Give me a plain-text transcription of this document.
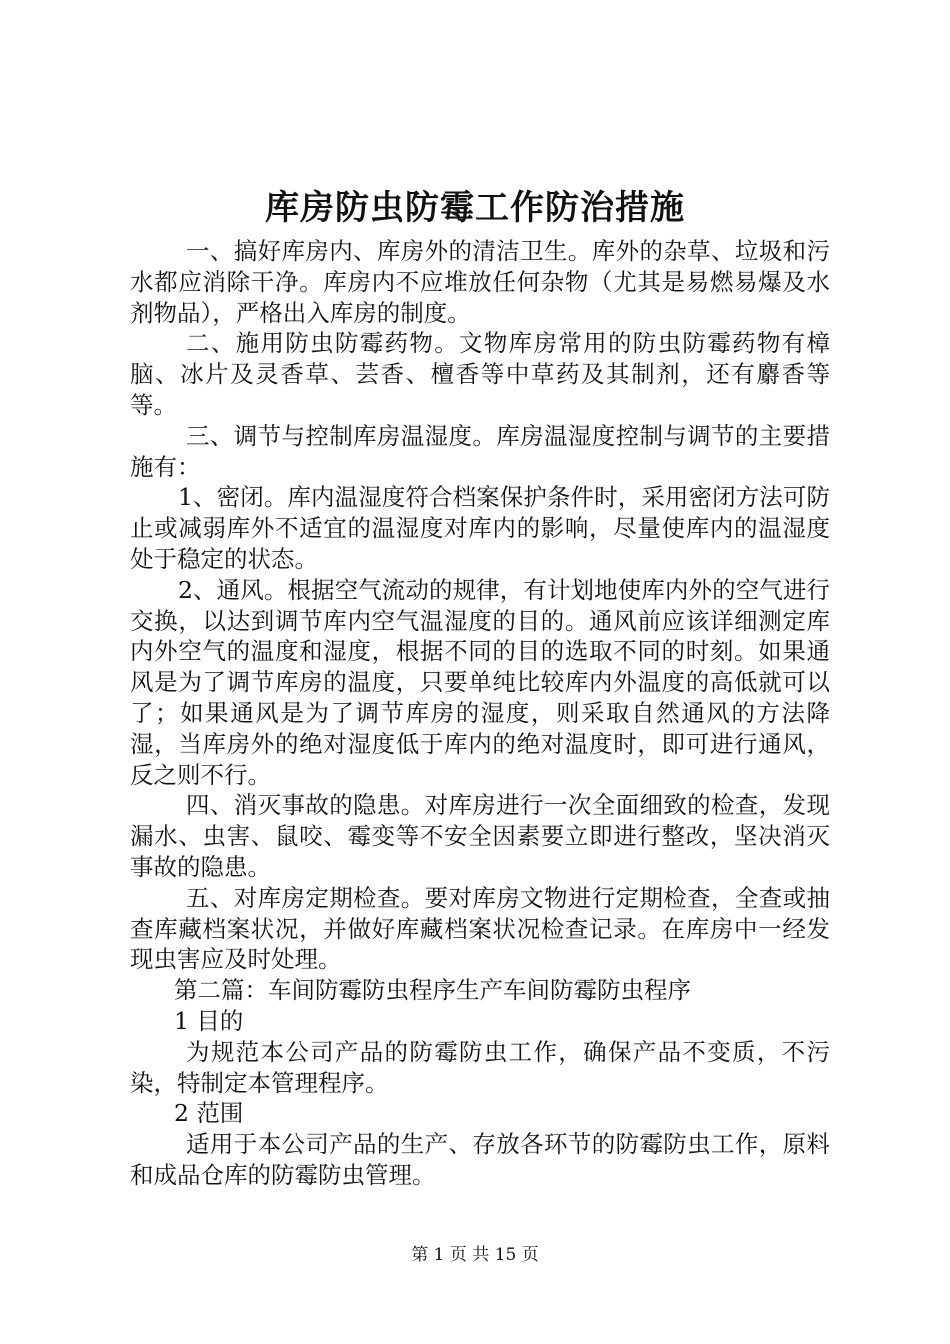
库房防虫防霉工作防治措施

一、搞好库房内、库房外的清洁卫生。库外的杂草、垃圾和污水都应消除干净。库房内不应堆放任何杂物（尤其是易燃易爆及水剂物品），严格出入库房的制度。

二、施用防虫防霉药物。文物库房常用的防虫防霉药物有樟脑、冰片及灵香草、芸香、檀香等中草药及其制剂，还有麝香等等。

三、调节与控制库房温湿度。库房温湿度控制与调节的主要措施有：

1、密闭。库内温湿度符合档案保护条件时，采用密闭方法可防止或减弱库外不适宜的温湿度对库内的影响，尽量使库内的温湿度处于稳定的状态。

2、通风。根据空气流动的规律，有计划地使库内外的空气进行交换，以达到调节库内空气温湿度的目的。通风前应该详细测定库内外空气的温度和湿度，根据不同的目的选取不同的时刻。如果通风是为了调节库房的温度，只要单纯比较库内外温度的高低就可以了；如果通风是为了调节库房的湿度，则采取自然通风的方法降湿，当库房外的绝对湿度低于库内的绝对温度时，即可进行通风，反之则不行。

四、消灭事故的隐患。对库房进行一次全面细致的检查，发现漏水、虫害、鼠咬、霉变等不安全因素要立即进行整改，坚决消灭事故的隐患。

五、对库房定期检查。要对库房文物进行定期检查，全查或抽查库藏档案状况，并做好库藏档案状况检查记录。在库房中一经发现虫害应及时处理。

第二篇：车间防霉防虫程序生产车间防霉防虫程序

1 目的

为规范本公司产品的防霉防虫工作，确保产品不变质，不污染，特制定本管理程序。

2 范围

适用于本公司产品的生产、存放各环节的防霉防虫工作，原料和成品仓库的防霉防虫管理。

第 1 页 共 15 页
